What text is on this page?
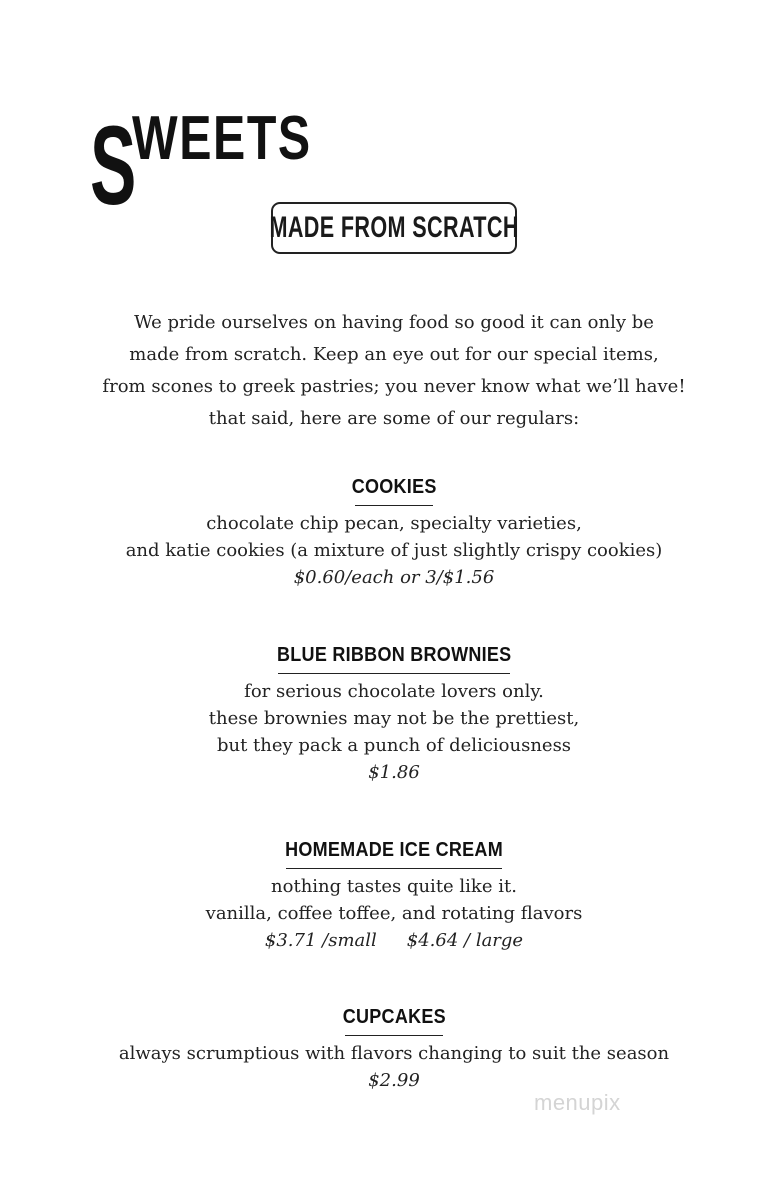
SWEETS
MADE FROM SCRATCH
We pride ourselves on having food so good it can only be
made from scratch. Keep an eye out for our special items,
from scones to greek pastries; you never know what we’ll have!
that said, here are some of our regulars:
COOKIES
chocolate chip pecan, specialty varieties,
and katie cookies (a mixture of just slightly crispy cookies)
$0.60/each or 3/$1.56
BLUE RIBBON BROWNIES
for serious chocolate lovers only.
these brownies may not be the prettiest,
but they pack a punch of deliciousness
$1.86
HOMEMADE ICE CREAM
nothing tastes quite like it.
vanilla, coffee toffee, and rotating flavors
$3.71 /small $4.64 / large
CUPCAKES
always scrumptious with flavors changing to suit the season
$2.99
menupix
